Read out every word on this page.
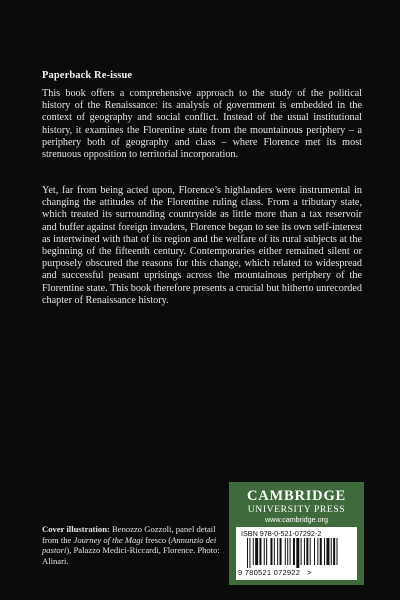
Paperback Re-issue

This book offers a comprehensive approach to the study of the political history of the Renaissance: its analysis of government is embedded in the context of geography and social conflict. Instead of the usual institutional history, it examines the Florentine state from the mountainous periphery – a periphery both of geography and class – where Florence met its most strenuous opposition to territorial incorporation.

Yet, far from being acted upon, Florence’s highlanders were instrumental in changing the attitudes of the Florentine ruling class. From a tributary state, which treated its surrounding countryside as little more than a tax reservoir and buffer against foreign invaders, Florence began to see its own self-interest as intertwined with that of its region and the welfare of its rural subjects at the beginning of the fifteenth century. Contemporaries either remained silent or purposely obscured the reasons for this change, which related to widespread and successful peasant uprisings across the mountainous periphery of the Florentine state. This book therefore presents a crucial but hitherto unrecorded chapter of Renaissance history.

Cover illustration: Benozzo Gozzoli, panel detail from the Journey of the Magi fresco (Annunzio dei pastori), Palazzo Medici-Riccardi, Florence. Photo: Alinari.
CAMBRIDGE
UNIVERSITY PRESS
www.cambridge.org
ISBN 978-0-521-07292-2
9 780521 072922 >
